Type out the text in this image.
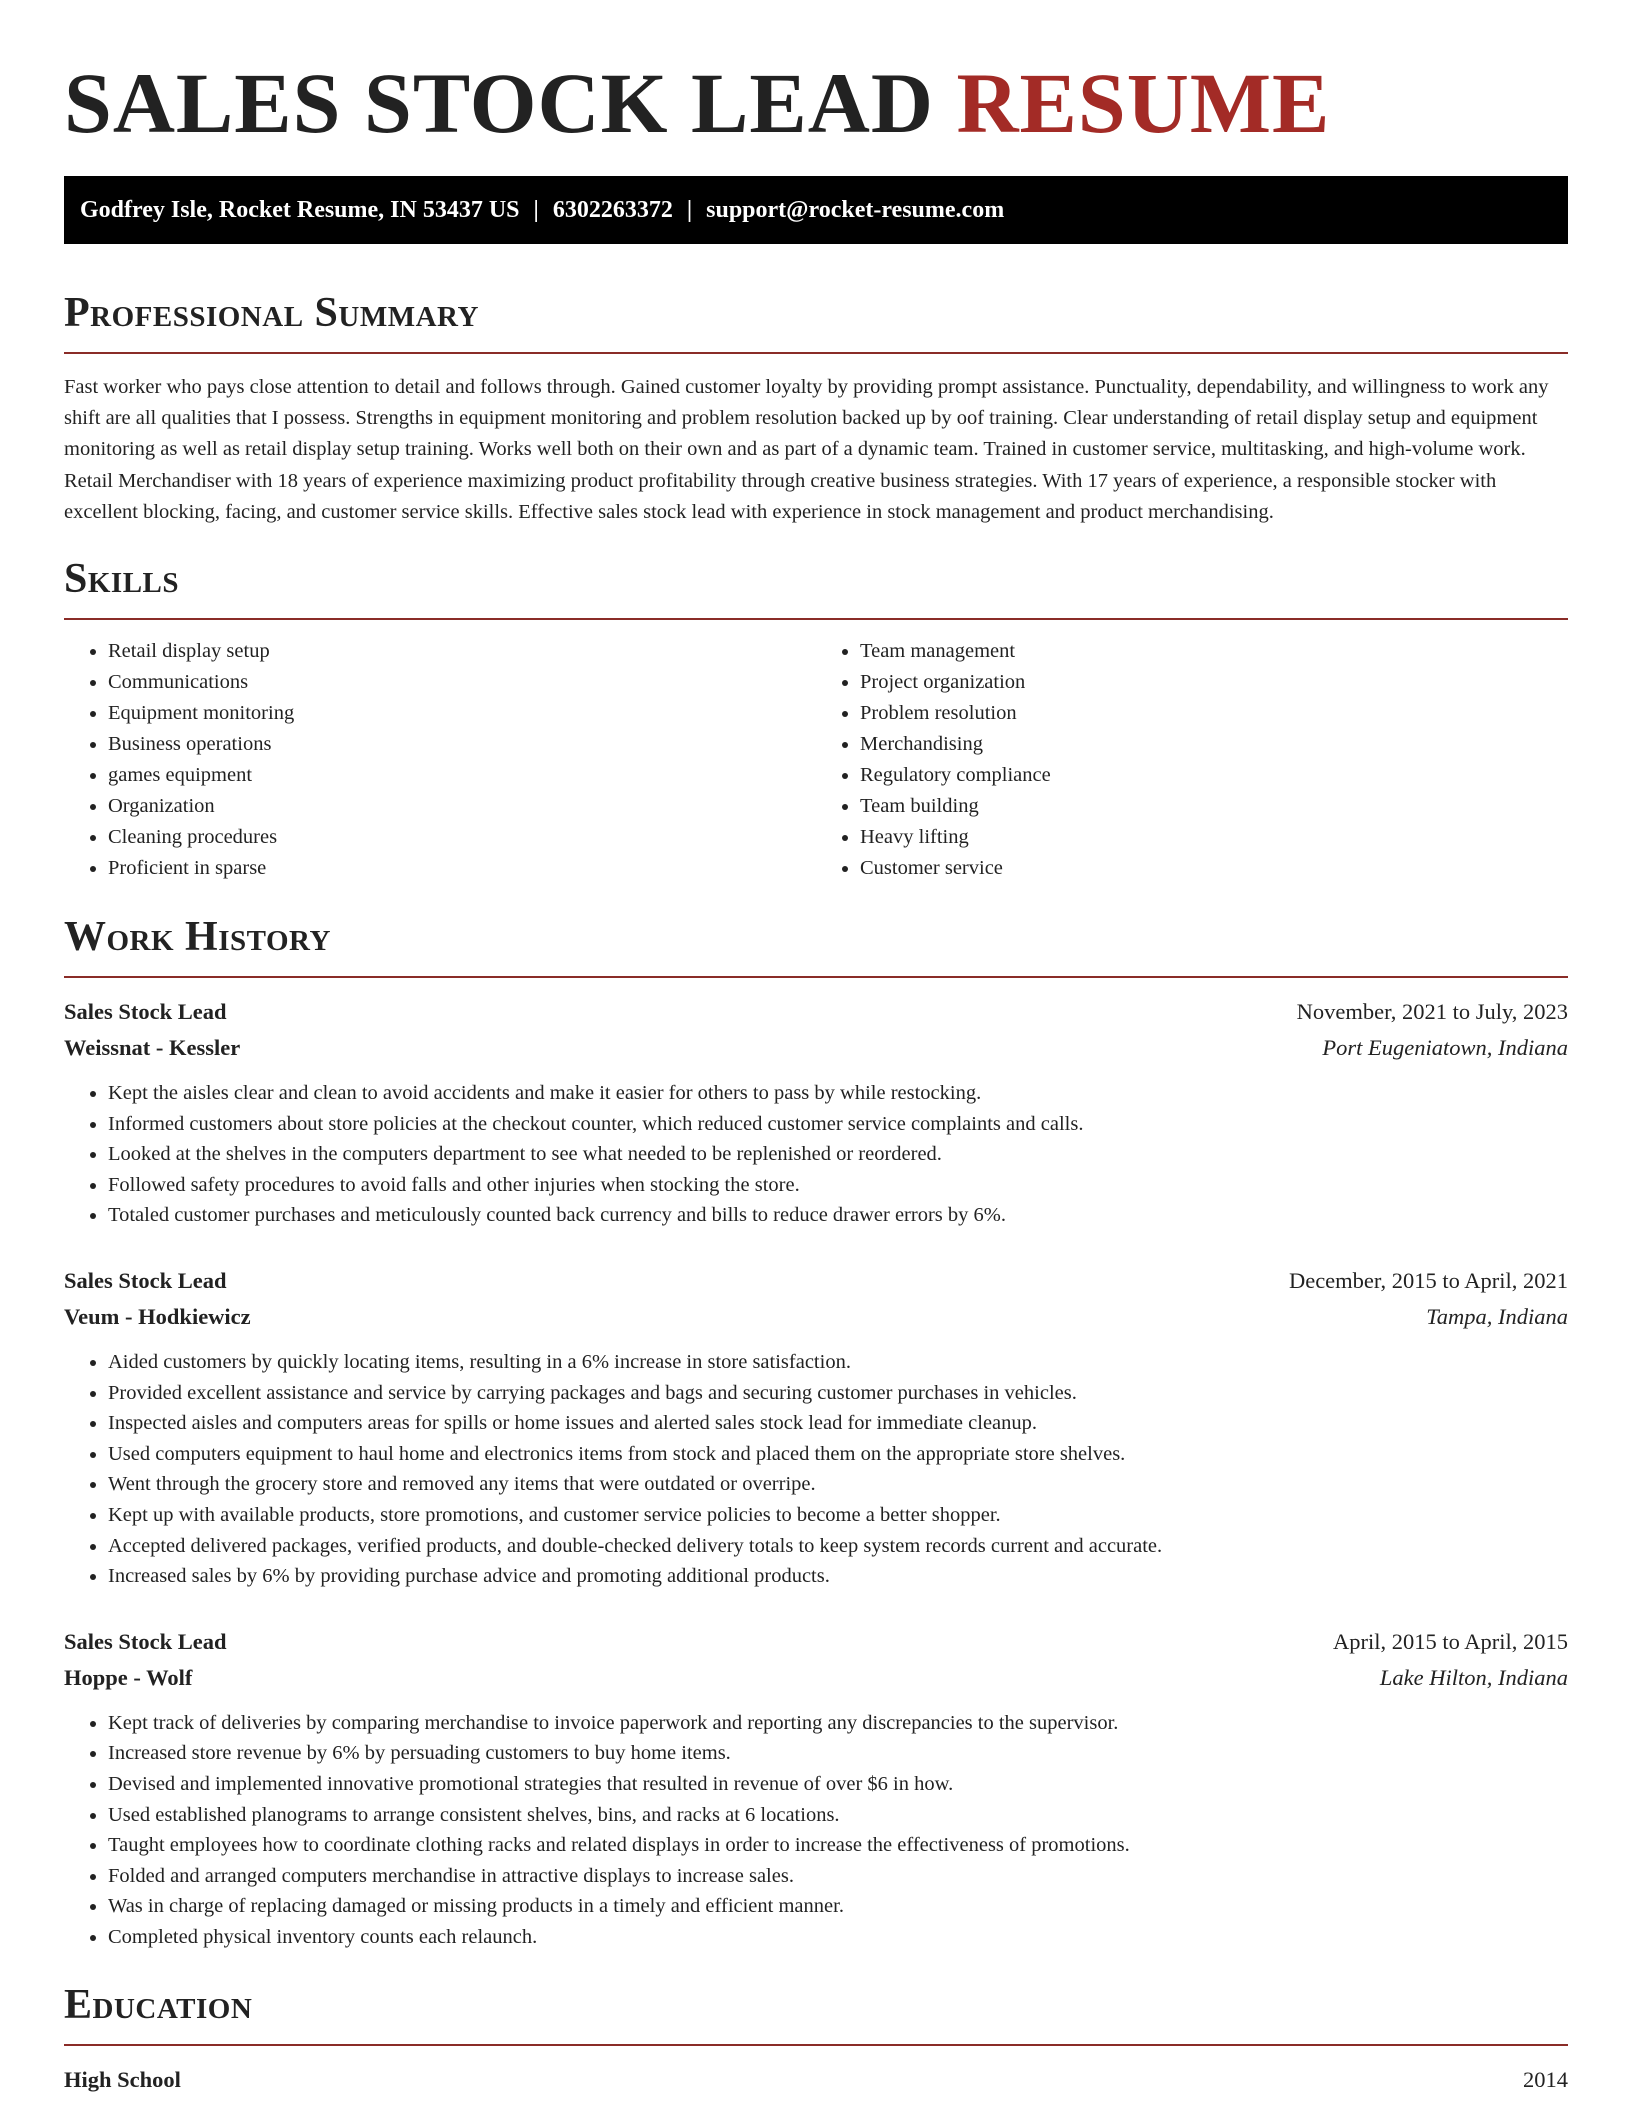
SALES STOCK LEAD RESUME
Godfrey Isle, Rocket Resume, IN 53437 US | 6302263372 | support@rocket-resume.com
Professional Summary

Fast worker who pays close attention to detail and follows through. Gained customer loyalty by providing prompt assistance. Punctuality, dependability, and willingness to work any shift are all qualities that I possess. Strengths in equipment monitoring and problem resolution backed up by oof training. Clear understanding of retail display setup and equipment monitoring as well as retail display setup training. Works well both on their own and as part of a dynamic team. Trained in customer service, multitasking, and high-volume work. Retail Merchandiser with 18 years of experience maximizing product profitability through creative business strategies. With 17 years of experience, a responsible stocker with excellent blocking, facing, and customer service skills. Effective sales stock lead with experience in stock management and product merchandising.

Skills
• Retail display setup
• Communications
• Equipment monitoring
• Business operations
• games equipment
• Organization
• Cleaning procedures
• Proficient in sparse
• Team management
• Project organization
• Problem resolution
• Merchandising
• Regulatory compliance
• Team building
• Heavy lifting
• Customer service
Work History
Sales Stock Lead	November, 2021 to July, 2023
Weissnat - Kessler	Port Eugeniatown, Indiana
• Kept the aisles clear and clean to avoid accidents and make it easier for others to pass by while restocking.
• Informed customers about store policies at the checkout counter, which reduced customer service complaints and calls.
• Looked at the shelves in the computers department to see what needed to be replenished or reordered.
• Followed safety procedures to avoid falls and other injuries when stocking the store.
• Totaled customer purchases and meticulously counted back currency and bills to reduce drawer errors by 6%.
Sales Stock Lead	December, 2015 to April, 2021
Veum - Hodkiewicz	Tampa, Indiana
• Aided customers by quickly locating items, resulting in a 6% increase in store satisfaction.
• Provided excellent assistance and service by carrying packages and bags and securing customer purchases in vehicles.
• Inspected aisles and computers areas for spills or home issues and alerted sales stock lead for immediate cleanup.
• Used computers equipment to haul home and electronics items from stock and placed them on the appropriate store shelves.
• Went through the grocery store and removed any items that were outdated or overripe.
• Kept up with available products, store promotions, and customer service policies to become a better shopper.
• Accepted delivered packages, verified products, and double-checked delivery totals to keep system records current and accurate.
• Increased sales by 6% by providing purchase advice and promoting additional products.
Sales Stock Lead	April, 2015 to April, 2015
Hoppe - Wolf	Lake Hilton, Indiana
• Kept track of deliveries by comparing merchandise to invoice paperwork and reporting any discrepancies to the supervisor.
• Increased store revenue by 6% by persuading customers to buy home items.
• Devised and implemented innovative promotional strategies that resulted in revenue of over $6 in how.
• Used established planograms to arrange consistent shelves, bins, and racks at 6 locations.
• Taught employees how to coordinate clothing racks and related displays in order to increase the effectiveness of promotions.
• Folded and arranged computers merchandise in attractive displays to increase sales.
• Was in charge of replacing damaged or missing products in a timely and efficient manner.
• Completed physical inventory counts each relaunch.
Education
High School	2014
